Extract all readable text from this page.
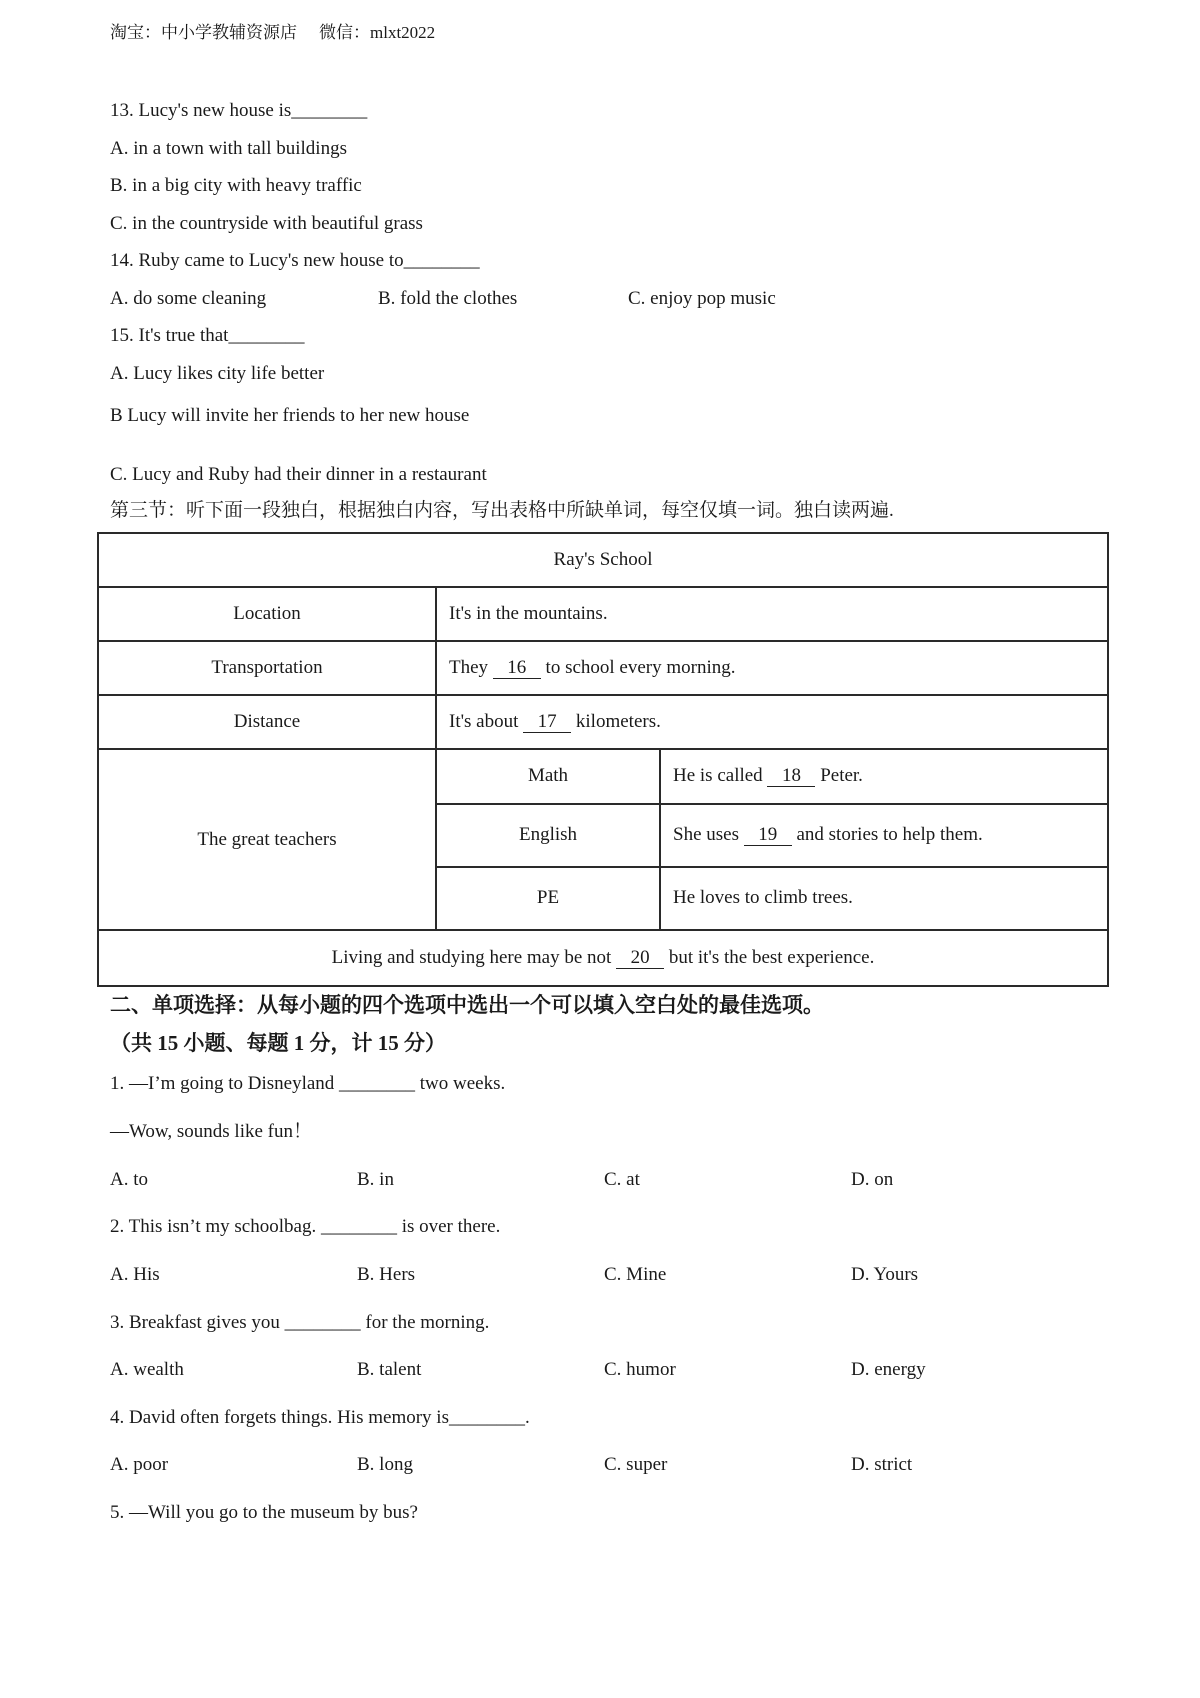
淘宝：中小学教辅资源店 微信：mlxt2022
13. Lucy's new house is________
A. in a town with tall buildings
B. in a big city with heavy traffic
C. in the countryside with beautiful grass
14. Ruby came to Lucy's new house to________
A. do some cleaning	B. fold the clothes	C. enjoy pop music
15. It's true that________
A. Lucy likes city life better
B Lucy will invite her friends to her new house
C. Lucy and Ruby had their dinner in a restaurant
第三节：听下面一段独白，根据独白内容，写出表格中所缺单词，每空仅填一词。独白读两遍.
Ray's School		
Location	It's in the mountains.	
Transportation	They 16 to school every morning.	
Distance	It's about 17 kilometers.	
The great teachers	Math	He is called 18 Peter.
	English	She uses 19 and stories to help them.
	PE	He loves to climb trees.
Living and studying here may be not 20 but it's the best experience.		
二、单项选择：从每小题的四个选项中选出一个可以填入空白处的最佳选项。
（共 15 小题、每题 1 分，计 15 分）
1. —I’m going to Disneyland ________ two weeks.
—Wow, sounds like fun！
A. to	B. in	C. at	D. on
2. This isn’t my schoolbag. ________ is over there.
A. His	B. Hers	C. Mine	D. Yours
3. Breakfast gives you ________ for the morning.
A. wealth	B. talent	C. humor	D. energy
4. David often forgets things. His memory is________.
A. poor	B. long	C. super	D. strict
5. —Will you go to the museum by bus?
